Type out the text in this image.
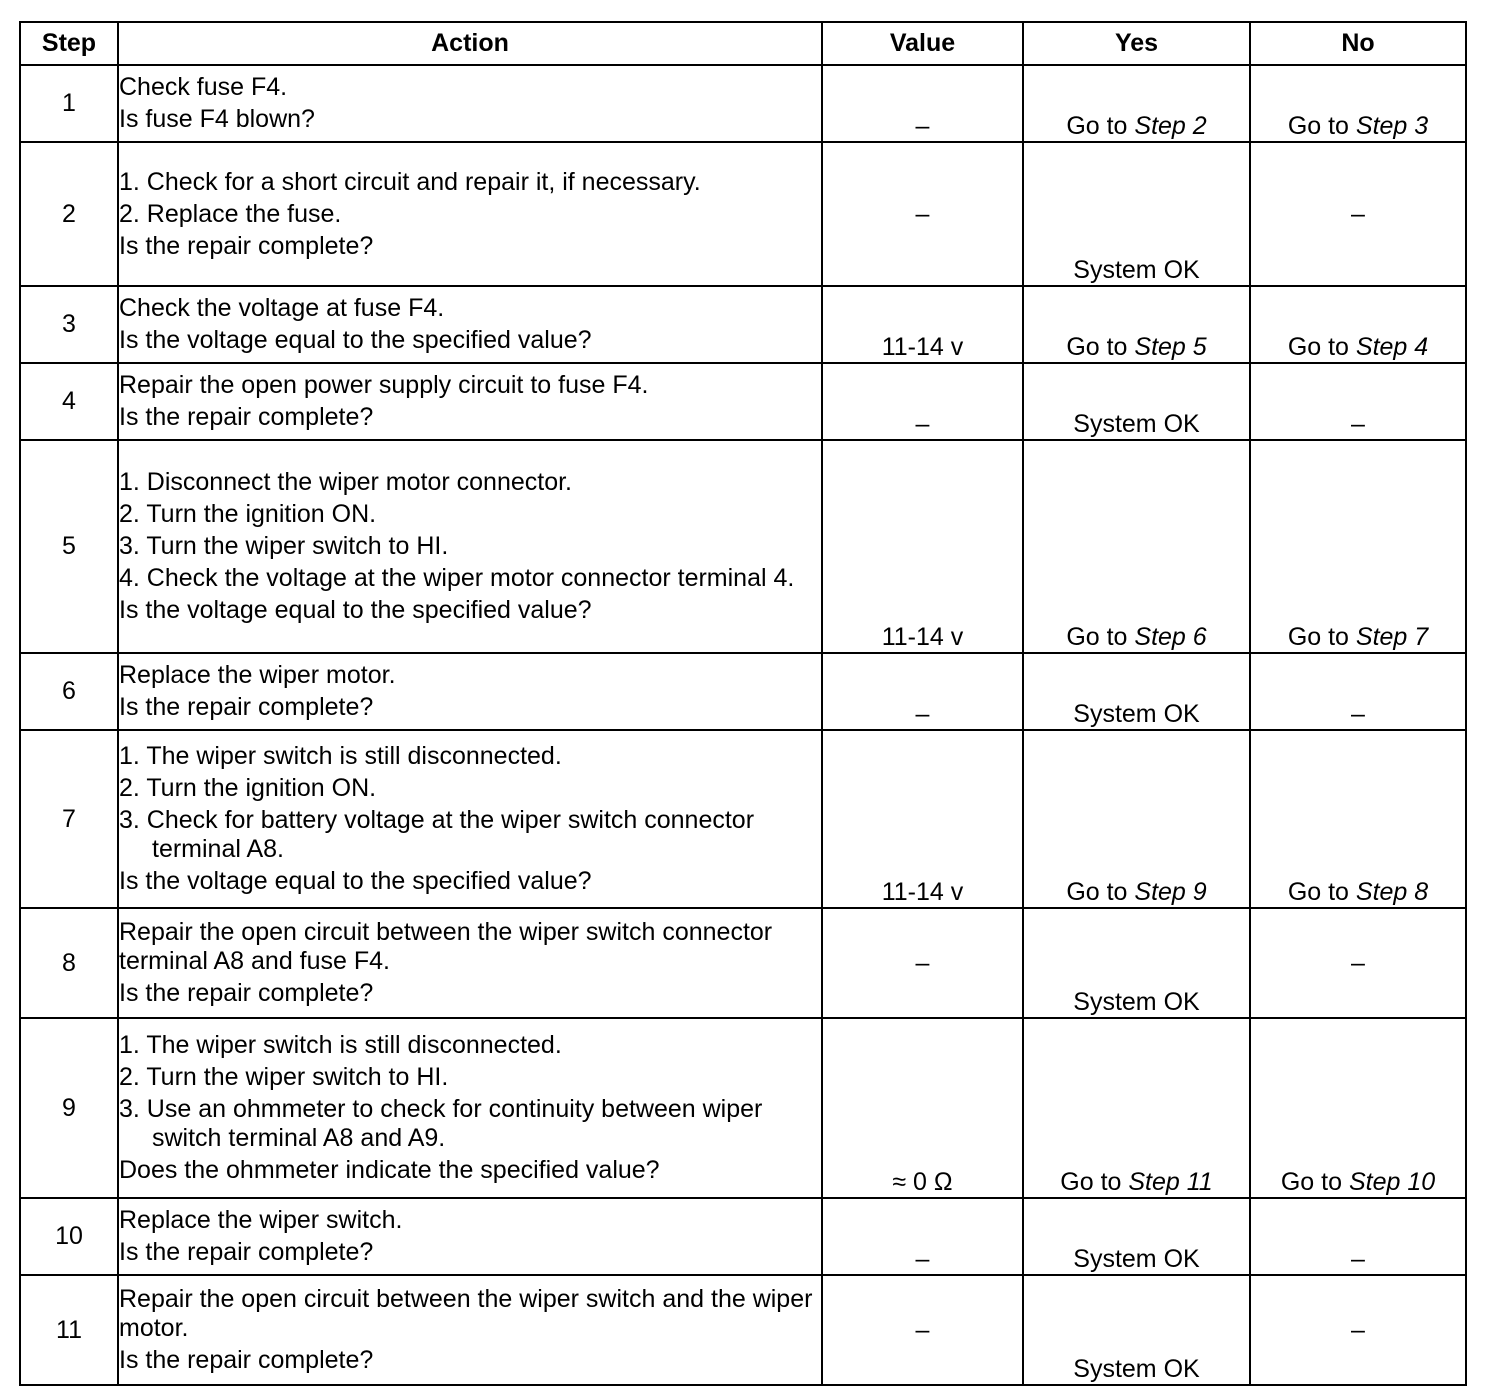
Step	Action	Value	Yes	No
1	Check fuse F4.
Is fuse F4 blown?	–	Go to Step 2	Go to Step 3
2	1. Check for a short circuit and repair it, if necessary.
2. Replace the fuse.
Is the repair complete?	–	System OK	–
3	Check the voltage at fuse F4.
Is the voltage equal to the specified value?	11-14 v	Go to Step 5	Go to Step 4
4	Repair the open power supply circuit to fuse F4.
Is the repair complete?	–	System OK	–
5	1. Disconnect the wiper motor connector.
2. Turn the ignition ON.
3. Turn the wiper switch to HI.
4. Check the voltage at the wiper motor connector terminal 4.
Is the voltage equal to the specified value?	11-14 v	Go to Step 6	Go to Step 7
6	Replace the wiper motor.
Is the repair complete?	–	System OK	–
7	1. The wiper switch is still disconnected.
2. Turn the ignition ON.
3. Check for battery voltage at the wiper switch connector terminal A8.
Is the voltage equal to the specified value?	11-14 v	Go to Step 9	Go to Step 8
8	Repair the open circuit between the wiper switch connector terminal A8 and fuse F4.
Is the repair complete?	–	System OK	–
9	1. The wiper switch is still disconnected.
2. Turn the wiper switch to HI.
3. Use an ohmmeter to check for continuity between wiper switch terminal A8 and A9.
Does the ohmmeter indicate the specified value?	≈ 0 Ω	Go to Step 11	Go to Step 10
10	Replace the wiper switch.
Is the repair complete?	–	System OK	–
11	Repair the open circuit between the wiper switch and the wiper motor.
Is the repair complete?	–	System OK	–
